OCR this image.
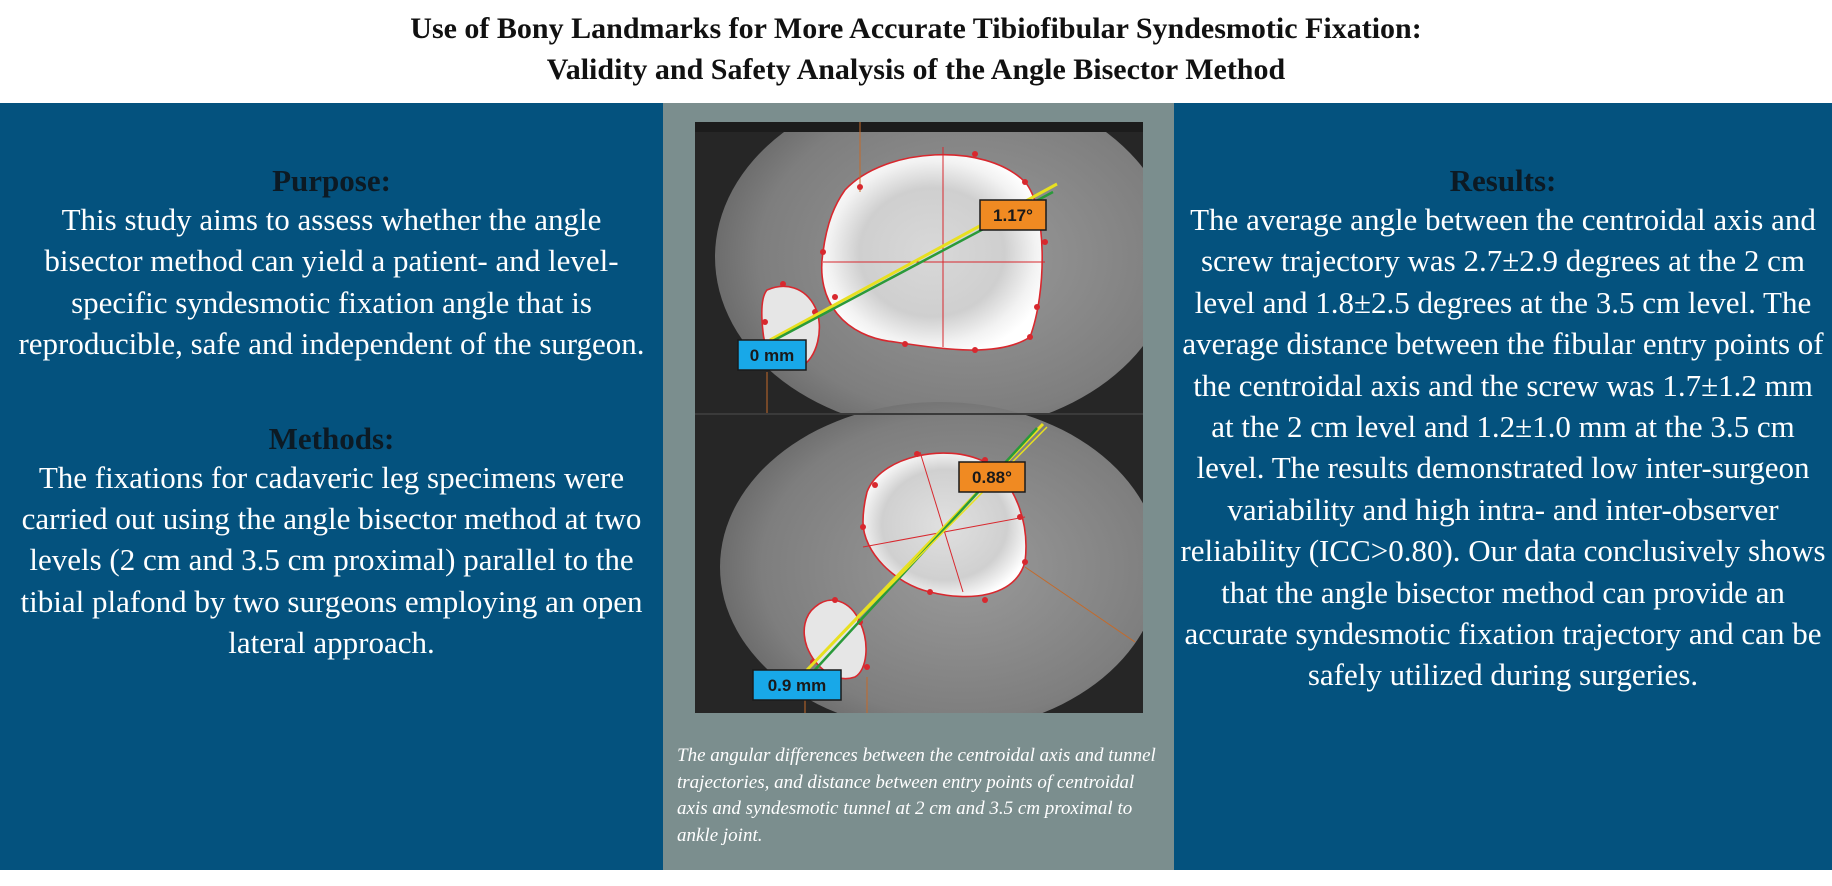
Use of Bony Landmarks for More Accurate Tibiofibular Syndesmotic Fixation:
Validity and Safety Analysis of the Angle Bisector Method
Purpose:
This study aims to assess whether the angle bisector method can yield a patient- and level-specific syndesmotic fixation angle that is reproducible, safe and independent of the surgeon.
Methods:
The fixations for cadaveric leg specimens were carried out using the angle bisector method at two levels (2 cm and 3.5 cm proximal) parallel to the tibial plafond by two surgeons employing an open lateral approach.
1.17°
0 mm
0.88°
0.9 mm
The angular differences between the centroidal axis and tunnel trajectories, and distance between entry points of centroidal axis and syndesmotic tunnel at 2 cm and 3.5 cm proximal to ankle joint.
Results:
The average angle between the centroidal axis and screw trajectory was 2.7±2.9 degrees at the 2 cm level and 1.8±2.5 degrees at the 3.5 cm level. The average distance between the fibular entry points of the centroidal axis and the screw was 1.7±1.2 mm at the 2 cm level and 1.2±1.0 mm at the 3.5 cm level. The results demonstrated low inter-surgeon variability and high intra- and inter-observer reliability (ICC>0.80). Our data conclusively shows that the angle bisector method can provide an accurate syndesmotic fixation trajectory and can be safely utilized during surgeries.
